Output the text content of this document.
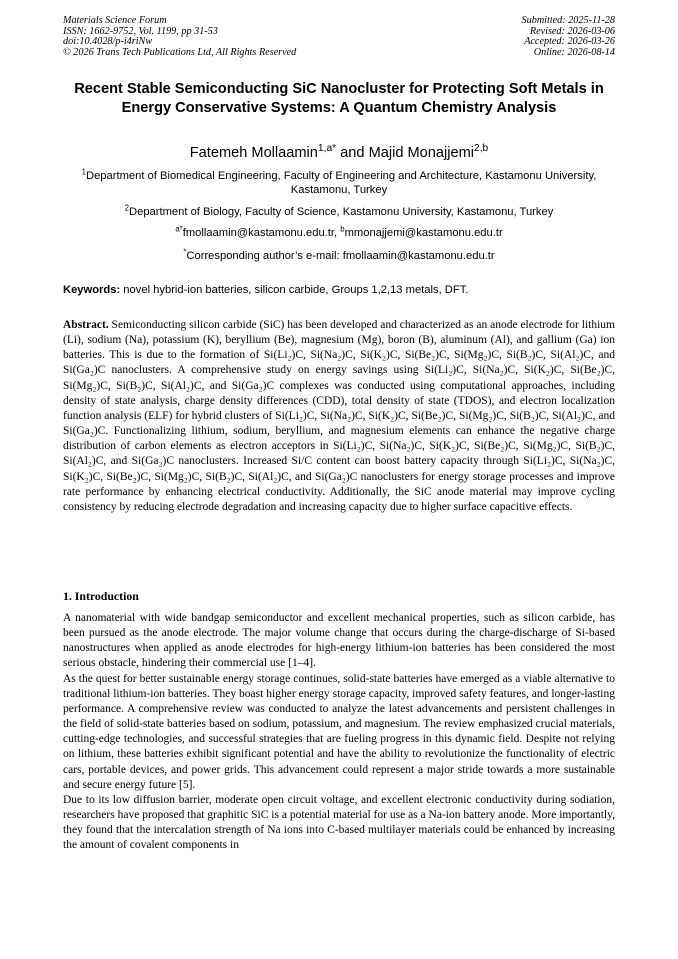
Materials Science Forum
ISSN: 1662-9752, Vol. 1199, pp 31-53
doi:10.4028/p-i4riNw
© 2026 Trans Tech Publications Ltd, All Rights Reserved
Submitted: 2025-11-28
Revised: 2026-03-06
Accepted: 2026-03-26
Online: 2026-08-14
Recent Stable Semiconducting SiC Nanocluster for Protecting Soft Metals in Energy Conservative Systems: A Quantum Chemistry Analysis
Fatemeh Mollaamin$^{1,a*}$ and Majid Monajjemi$^{2,b}$
$^1$Department of Biomedical Engineering, Faculty of Engineering and Architecture, Kastamonu University, Kastamonu, Turkey
$^2$Department of Biology, Faculty of Science, Kastamonu University, Kastamonu, Turkey
$^{a*}$fmollaamin@kastamonu.edu.tr, $^b$mmonajjemi@kastamonu.edu.tr
*Corresponding author’s e-mail: fmollaamin@kastamonu.edu.tr
Keywords: novel hybrid-ion batteries, silicon carbide, Groups 1,2,13 metals, DFT.

Abstract. Semiconducting silicon carbide (SiC) has been developed and characterized as an anode electrode for lithium (Li), sodium (Na), potassium (K), beryllium (Be), magnesium (Mg), boron (B), aluminum (Al), and gallium (Ga) ion batteries. This is due to the formation of Si(Li₂)C, Si(Na₂)C, Si(K₂)C, Si(Be₂)C, Si(Mg₂)C, Si(B₂)C, Si(Al₂)C, and Si(Ga₂)C nanoclusters. A comprehensive study on energy savings using Si(Li₂)C, Si(Na₂)C, Si(K₂)C, Si(Be₂)C, Si(Mg₂)C, Si(B₂)C, Si(Al₂)C, and Si(Ga₂)C complexes was conducted using computational approaches, including density of state analysis, charge density differences (CDD), total density of state (TDOS), and electron localization function analysis (ELF) for hybrid clusters of Si(Li₂)C, Si(Na₂)C, Si(K₂)C, Si(Be₂)C, Si(Mg₂)C, Si(B₂)C, Si(Al₂)C, and Si(Ga₂)C. Functionalizing lithium, sodium, beryllium, and magnesium elements can enhance the negative charge distribution of carbon elements as electron acceptors in Si(Li₂)C, Si(Na₂)C, Si(K₂)C, Si(Be₂)C, Si(Mg₂)C, Si(B₂)C, Si(Al₂)C, and Si(Ga₂)C nanoclusters. Increased Si/C content can boost battery capacity through Si(Li₂)C, Si(Na₂)C, Si(K₂)C, Si(Be₂)C, Si(Mg₂)C, Si(B₂)C, Si(Al₂)C, and Si(Ga₂)C nanoclusters for energy storage processes and improve rate performance by enhancing electrical conductivity. Additionally, the SiC anode material may improve cycling consistency by reducing electrode degradation and increasing capacity due to higher surface capacitive effects.

1. Introduction

A nanomaterial with wide bandgap semiconductor and excellent mechanical properties, such as silicon carbide, has been pursued as the anode electrode. The major volume change that occurs during the charge-discharge of Si-based nanostructures when applied as anode electrodes for high-energy lithium-ion batteries has been considered the most serious obstacle, hindering their commercial use [1–4].

As the quest for better sustainable energy storage continues, solid-state batteries have emerged as a viable alternative to traditional lithium-ion batteries. They boast higher energy storage capacity, improved safety features, and longer-lasting performance. A comprehensive review was conducted to analyze the latest advancements and persistent challenges in the field of solid-state batteries based on sodium, potassium, and magnesium. The review emphasized crucial materials, cutting-edge technologies, and successful strategies that are fueling progress in this dynamic field. Despite not relying on lithium, these batteries exhibit significant potential and have the ability to revolutionize the functionality of electric cars, portable devices, and power grids. This advancement could represent a major stride towards a more sustainable and secure energy future [5].

Due to its low diffusion barrier, moderate open circuit voltage, and excellent electronic conductivity during sodiation, researchers have proposed that graphitic SiC is a potential material for use as a Na-ion battery anode. More importantly, they found that the intercalation strength of Na ions into C-based multilayer materials could be enhanced by increasing the amount of covalent components in
